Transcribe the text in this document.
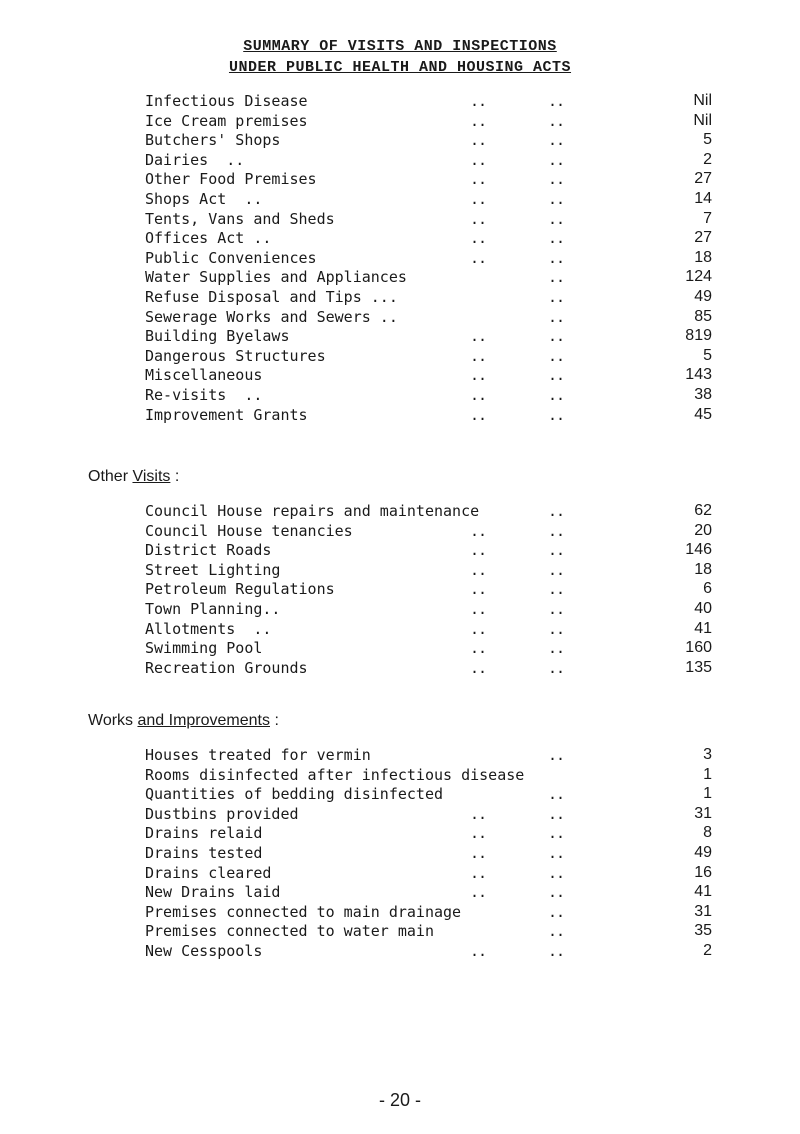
SUMMARY OF VISITS AND INSPECTIONS
UNDER PUBLIC HEALTH AND HOUSING ACTS
Infectious Disease	..	..	Nil
Ice Cream premises	..	..	Nil
Butchers' Shops	..	..	5
Dairies  ..	..	..	2
Other Food Premises	..	..	27
Shops Act  ..	..	..	14
Tents, Vans and Sheds	..	..	7
Offices Act ..	..	..	27
Public Conveniences	..	..	18
Water Supplies and Appliances	..	124
Refuse Disposal and Tips ...	..	49
Sewerage Works and Sewers ..	..	85
Building Byelaws	..	..	819
Dangerous Structures	..	..	5
Miscellaneous	..	..	143
Re-visits  ..	..	..	38
Improvement Grants	..	..	45
Other Visits :
Council House repairs and maintenance	..	62
Council House tenancies	..	..	20
District Roads	..	..	146
Street Lighting	..	..	18
Petroleum Regulations	..	..	6
Town Planning..	..	..	40
Allotments  ..	..	..	41
Swimming Pool	..	..	160
Recreation Grounds	..	..	135
Works and Improvements :
Houses treated for vermin	..	3
Rooms disinfected after infectious disease	1
Quantities of bedding disinfected	..	1
Dustbins provided	..	..	31
Drains relaid	..	..	8
Drains tested	..	..	49
Drains cleared	..	..	16
New Drains laid	..	..	41
Premises connected to main drainage	..	31
Premises connected to water main	..	35
New Cesspools	..	..	2
- 20 -
